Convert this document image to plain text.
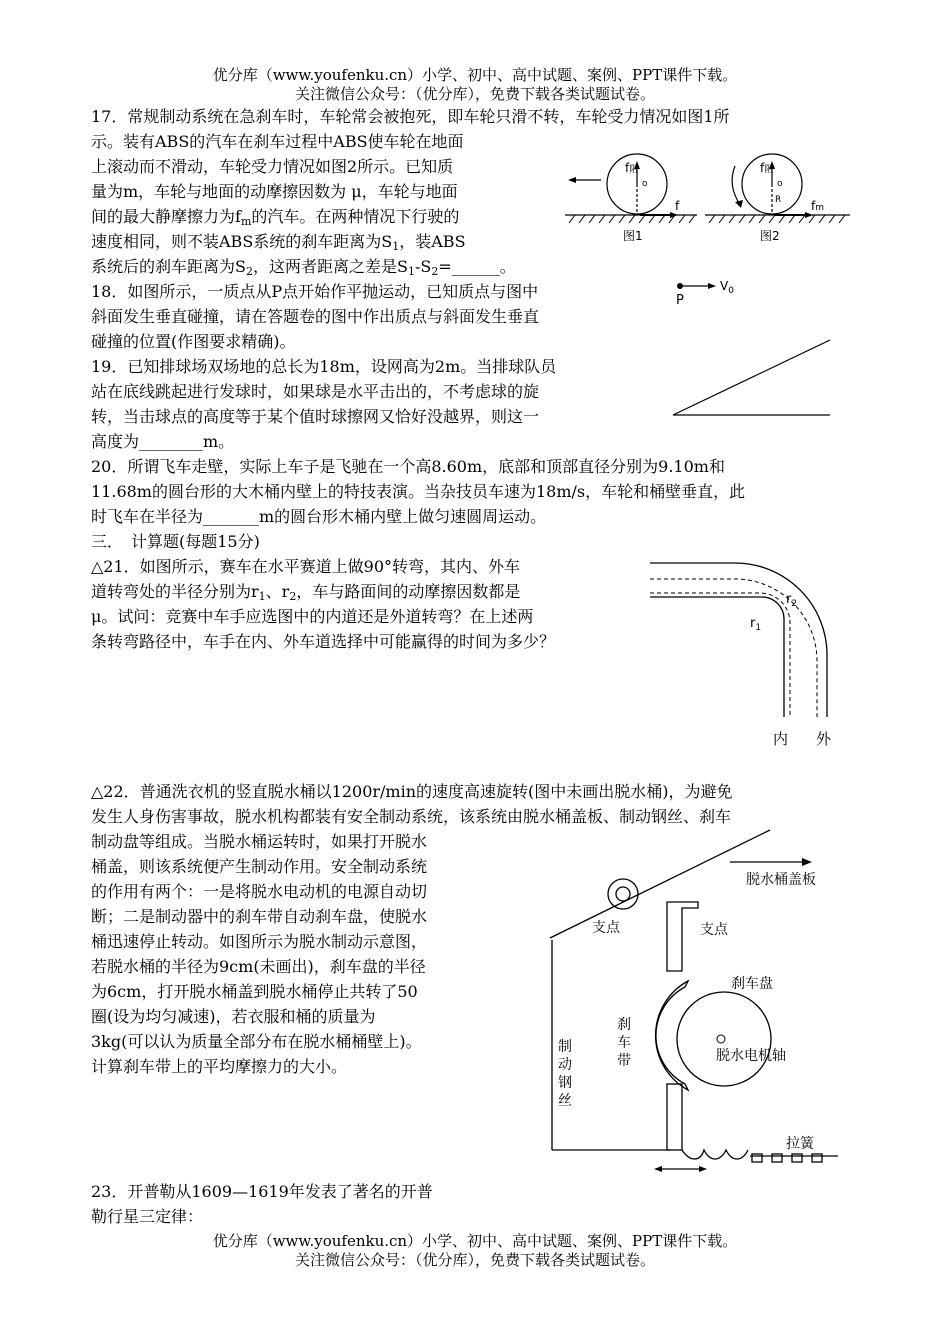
优分库（www.youfenku.cn）小学、初中、高中试题、案例、PPT课件下载。
关注微信公众号：（优分库），免费下载各类试题试卷。
17．常规制动系统在急刹车时，车轮常会被抱死，即车轮只滑不转，车轮受力情况如图1所
示。装有ABS的汽车在刹车过程中ABS使车轮在地面
上滚动而不滑动，车轮受力情况如图2所示。已知质
量为m，车轮与地面的动摩擦因数为 μ，车轮与地面
间的最大静摩擦力为$f_m$的汽车。在两种情况下行驶的
速度相同，则不装ABS系统的刹车距离为$S_1$，装ABS
系统后的刹车距离为$S_2$，这两者距离之差是$S_1-S_2=\_\_\_\_\_\_$。
18．如图所示，一质点从P点开始作平抛运动，已知质点与图中
斜面发生垂直碰撞，请在答题卷的图中作出质点与斜面发生垂直
碰撞的位置(作图要求精确)。
19．已知排球场双场地的总长为18m，设网高为2m。当排球队员
站在底线跳起进行发球时，如果球是水平击出的，不考虑球的旋
转，当击球点的高度等于某个值时球擦网又恰好没越界，则这一
高度为________m。
20．所谓飞车走壁，实际上车子是飞驰在一个高8.60m，底部和顶部直径分别为9.10m和
11.68m的圆台形的大木桶内壁上的特技表演。当杂技员车速为18m/s，车轮和桶壁垂直，此
时飞车在半径为_______m的圆台形木桶内壁上做匀速圆周运动。
三．　计算题(每题15分)
△21．如图所示，赛车在水平赛道上做90°转弯，其内、外车
道转弯处的半径分别为$r_1$、$r_2$，车与路面间的动摩擦因数都是
μ。试问：竞赛中车手应选图中的内道还是外道转弯？在上述两
条转弯路径中，车手在内、外车道选择中可能赢得的时间为多少？
△22．普通洗衣机的竖直脱水桶以1200r/min的速度高速旋转(图中未画出脱水桶)，为避免
发生人身伤害事故，脱水机构都装有安全制动系统，该系统由脱水桶盖板、制动钢丝、刹车
制动盘等组成。当脱水桶运转时，如果打开脱水
桶盖，则该系统便产生制动作用。安全制动系统
的作用有两个：一是将脱水电动机的电源自动切
断；二是制动器中的刹车带自动刹车盘，使脱水
桶迅速停止转动。如图所示为脱水制动示意图，
若脱水桶的半径为9cm(未画出)，刹车盘的半径
为6cm，打开脱水桶盖到脱水桶停止共转了50
圈(设为均匀减速)，若衣服和桶的质量为
3kg(可以认为质量全部分布在脱水桶桶壁上)。
计算刹车带上的平均摩擦力的大小。
23．开普勒从1609—1619年发表了著名的开普
勒行星三定律：
f阻
o
f
图1
f阻
o
R fm
图2
P
$V_0$
$r_1$
$r_2$
内 外
脱水桶盖板
支点	支点
刹车盘
脱水电机轴
拉簧
制
动
钢
丝
刹
车
带
优分库（www.youfenku.cn）小学、初中、高中试题、案例、PPT课件下载。
关注微信公众号：（优分库），免费下载各类试题试卷。
